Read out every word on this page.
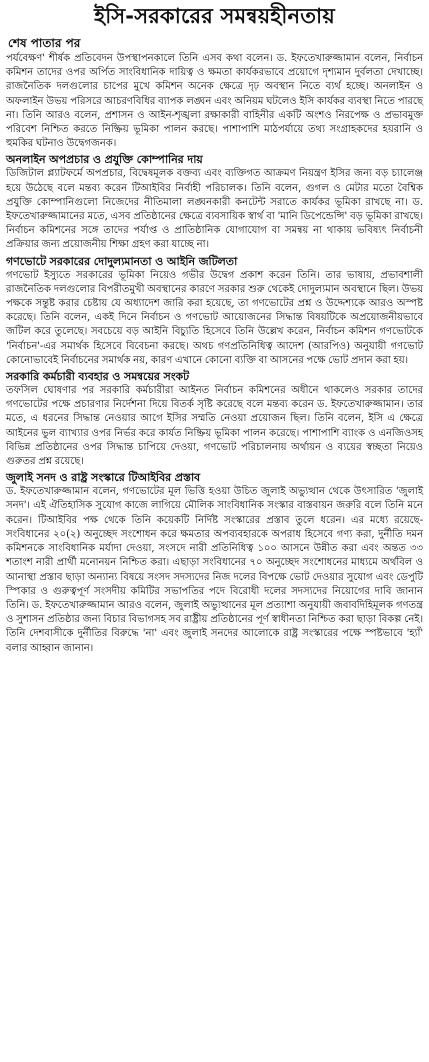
ইসি-সরকারের সমন্বয়হীনতায়
শেষ পাতার পর

পর্যবেক্ষণ' শীর্ষক প্রতিবেদন উপস্থাপনকালে তিনি এসব কথা বলেন। ড. ইফতেখারুজ্জামান বলেন, নির্বাচন কমিশন তাদের ওপর অর্পিত সাংবিধানিক দায়িত্ব ও ক্ষমতা কার্যকরভাবে প্রয়োগে দৃশ্যমান দুর্বলতা দেখাচ্ছে। রাজনৈতিক দলগুলোর চাপের মুখে কমিশন অনেক ক্ষেত্রে দৃঢ় অবস্থান নিতে ব্যর্থ হচ্ছে। অনলাইন ও অফলাইন উভয় পরিসরে আচরণবিধির ব্যাপক লঙ্ঘন এবং অনিয়ম ঘটলেও ইসি কার্যকর ব্যবস্থা নিতে পারছে না। তিনি আরও বলেন, প্রশাসন ও আইন-শৃঙ্খলা রক্ষাকারী বাহিনীর একটি অংশও নিরপেক্ষ ও প্রভাবমুক্ত পরিবেশ নিশ্চিত করতে নিষ্ক্রিয় ভূমিকা পালন করছে। পাশাপাশি মাঠপর্যায়ে তথ্য সংগ্রাহকদের হয়রানি ও হুমকির ঘটনাও উদ্বেগজনক।

অনলাইন অপপ্রচার ও প্রযুক্তি কোম্পানির দায়

ডিজিটাল প্ল্যাটফর্মে অপপ্রচার, বিদ্বেষমূলক বক্তব্য এবং ব্যক্তিগত আক্রমণ নিয়ন্ত্রণ ইসির জন্য বড় চ্যালেঞ্জ হয়ে উঠেছে বলে মন্তব্য করেন টিআইবির নির্বাহী পরিচালক। তিনি বলেন, গুগল ও মেটার মতো বৈশ্বিক প্রযুক্তি কোম্পানিগুলো নিজেদের নীতিমালা লঙ্ঘনকারী কনটেন্ট সরাতে কার্যকর ভূমিকা রাখছে না। ড. ইফতেখারুজ্জামানের মতে, এসব প্রতিষ্ঠানের ক্ষেত্রে ব্যবসায়িক স্বার্থ বা 'মানি ডিপেন্ডেন্সি' বড় ভূমিকা রাখছে। নির্বাচন কমিশনের সঙ্গে তাদের পর্যাপ্ত ও প্রাতিষ্ঠানিক যোগাযোগ বা সমন্বয় না থাকায় ভবিষ্যৎ নির্বাচনী প্রক্রিয়ার জন্য প্রয়োজনীয় শিক্ষা গ্রহণ করা যাচ্ছে না।

গণভোটে সরকারের দোদুল্যমানতা ও আইনি জটিলতা

গণভোট ইস্যুতে সরকারের ভূমিকা নিয়েও গভীর উদ্বেগ প্রকাশ করেন তিনি। তার ভাষায়, প্রভাবশালী রাজনৈতিক দলগুলোর বিপরীতমুখী অবস্থানের কারণে সরকার শুরু থেকেই দোদুল্যমান অবস্থানে ছিল। উভয় পক্ষকে সন্তুষ্ট করার চেষ্টায় যে অধ্যাদেশ জারি করা হয়েছে, তা গণভোটের প্রশ্ন ও উদ্দেশ্যকে আরও অস্পষ্ট করেছে। তিনি বলেন, একই দিনে নির্বাচন ও গণভোট আয়োজনের সিদ্ধান্ত বিষয়টিকে অপ্রয়োজনীয়ভাবে জটিল করে তুলেছে। সবচেয়ে বড় আইনি বিচ্যুতি হিসেবে তিনি উল্লেখ করেন, নির্বাচন কমিশন গণভোটকে 'নির্বাচন'-এর সমার্থক হিসেবে বিবেচনা করছে। অথচ গণপ্রতিনিধিত্ব আদেশ (আরপিও) অনুযায়ী গণভোট কোনোভাবেই নির্বাচনের সমার্থক নয়, কারণ এখানে কোনো ব্যক্তি বা আসনের পক্ষে ভোট প্রদান করা হয়।

সরকারি কর্মচারী ব্যবহার ও সমন্বয়ের সংকট

তফসিল ঘোষণার পর সরকারি কর্মচারীরা আইনত নির্বাচন কমিশনের অধীনে থাকলেও সরকার তাদের গণভোটের পক্ষে প্রচারণার নির্দেশনা দিয়ে বিতর্ক সৃষ্টি করেছে বলে মন্তব্য করেন ড. ইফতেখারুজ্জামান। তার মতে, এ ধরনের সিদ্ধান্ত নেওয়ার আগে ইসির সম্মতি নেওয়া প্রয়োজন ছিল। তিনি বলেন, ইসি এ ক্ষেত্রে আইনের ভুল ব্যাখ্যার ওপর নির্ভর করে কার্যত নিষ্ক্রিয় ভূমিকা পালন করেছে। পাশাপাশি ব্যাংক ও এনজিওসহ বিভিন্ন প্রতিষ্ঠানের ওপর সিদ্ধান্ত চাপিয়ে দেওয়া, গণভোট পরিচালনায় অর্থায়ন ও ব্যয়ের স্বচ্ছতা নিয়েও গুরুতর প্রশ্ন রয়েছে।

জুলাই সনদ ও রাষ্ট্র সংস্কারে টিআইবির প্রস্তাব

ড. ইফতেখারুজ্জামান বলেন, গণভোটের মূল ভিত্তি হওয়া উচিত জুলাই অভ্যুত্থান থেকে উৎসারিত 'জুলাই সনদ'। এই ঐতিহাসিক সুযোগ কাজে লাগিয়ে মৌলিক সাংবিধানিক সংস্কার বাস্তবায়ন জরুরি বলে তিনি মনে করেন। টিআইবির পক্ষ থেকে তিনি কয়েকটি নির্দিষ্ট সংস্কারের প্রস্তাব তুলে ধরেন। এর মধ্যে রয়েছে-সংবিধানের ২০(২) অনুচ্ছেদ সংশোধন করে ক্ষমতার অপব্যবহারকে অপরাধ হিসেবে গণ্য করা, দুর্নীতি দমন কমিশনকে সাংবিধানিক মর্যাদা দেওয়া, সংসদে নারী প্রতিনিধিত্ব ১০০ আসনে উন্নীত করা এবং অন্তত ৩৩ শতাংশ নারী প্রার্থী মনোনয়ন নিশ্চিত করা। এছাড়া সংবিধানের ৭০ অনুচ্ছেদ সংশোধনের মাধ্যমে অর্থবিল ও আনাস্থা প্রস্তাব ছাড়া অন্যান্য বিষয়ে সংসদ সদস্যদের নিজ দলের বিপক্ষে ভোট দেওয়ার সুযোগ এবং ডেপুটি স্পিকার ও গুরুত্বপূর্ণ সংসদীয় কমিটির সভাপতির পদে বিরোধী দলের সদস্যদের নিয়োগের দাবি জানান তিনি। ড. ইফতেখারুজ্জামান আরও বলেন, জুলাই অভ্যুত্থানের মূল প্রত্যাশা অনুযায়ী জবাবদিহিমূলক গণতন্ত্র ও সুশাসন প্রতিষ্ঠার জন্য বিচার বিভাগসহ সব রাষ্ট্রীয় প্রতিষ্ঠানের পূর্ণ স্বাধীনতা নিশ্চিত করা ছাড়া বিকল্প নেই। তিনি দেশবাসীকে দুর্নীতির বিরুদ্ধে 'না' এবং জুলাই সনদের আলোকে রাষ্ট্র সংস্কারের পক্ষে স্পষ্টভাবে 'হ্যাঁ' বলার আহ্বান জানান।
